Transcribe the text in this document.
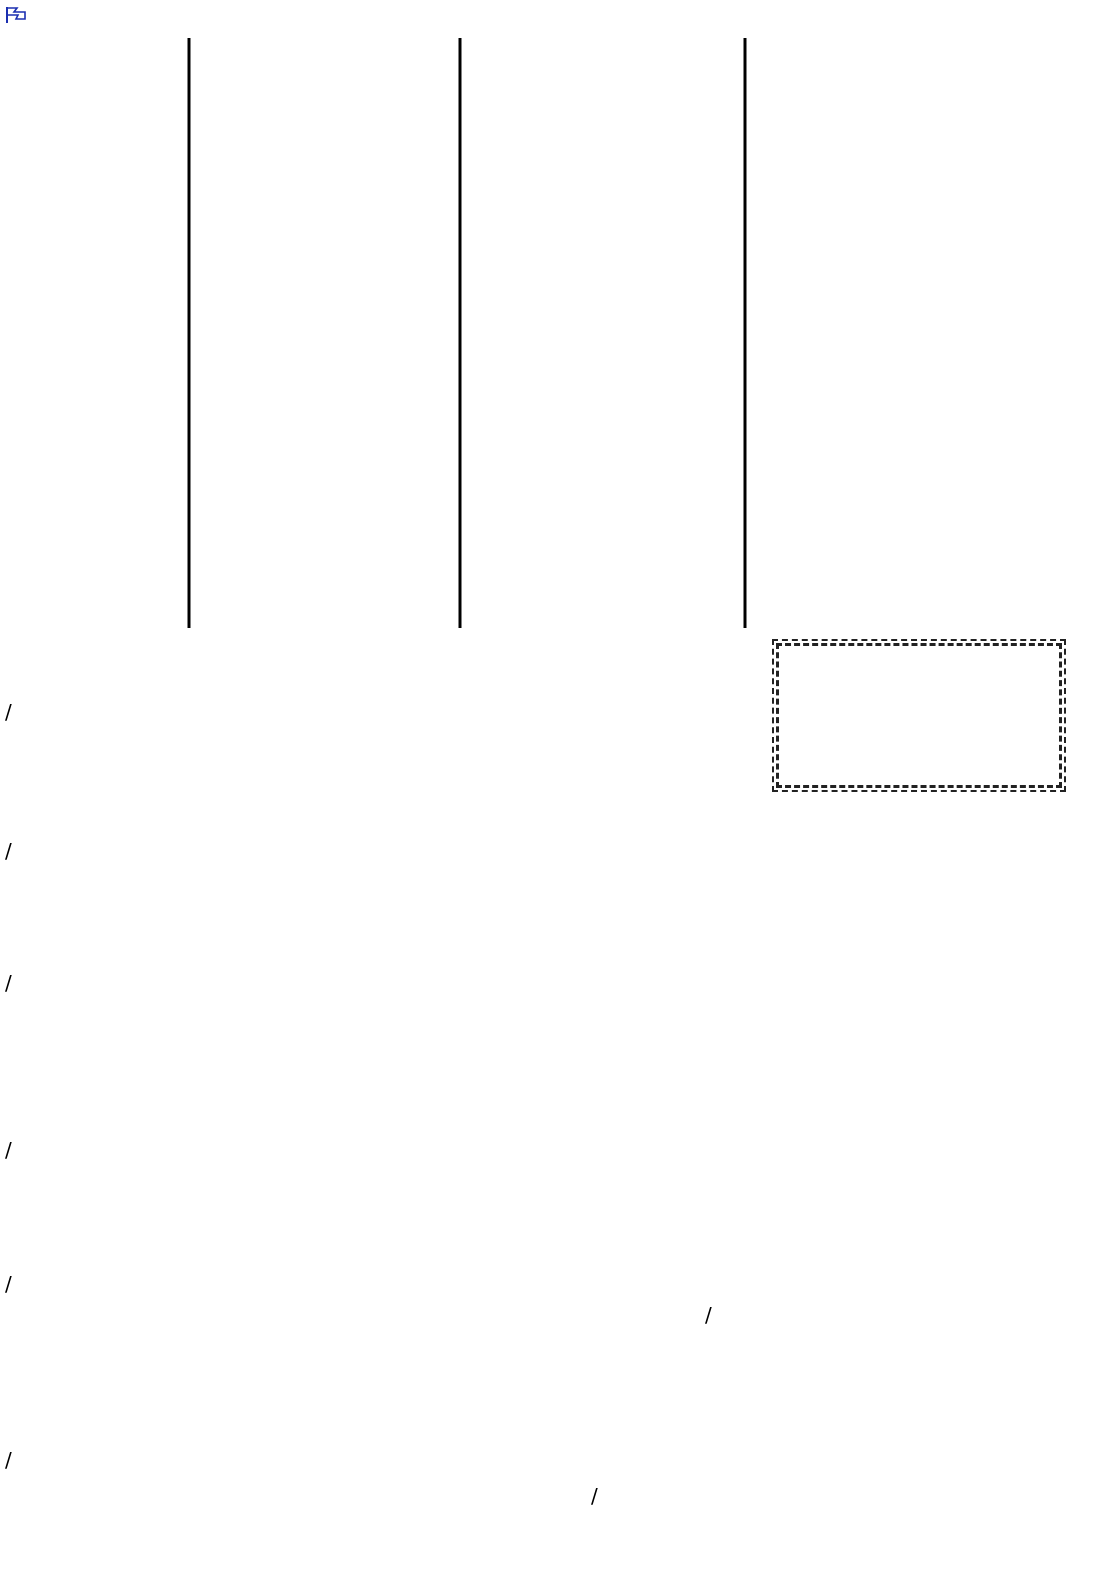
/
/
/
/
/
/
/
/
